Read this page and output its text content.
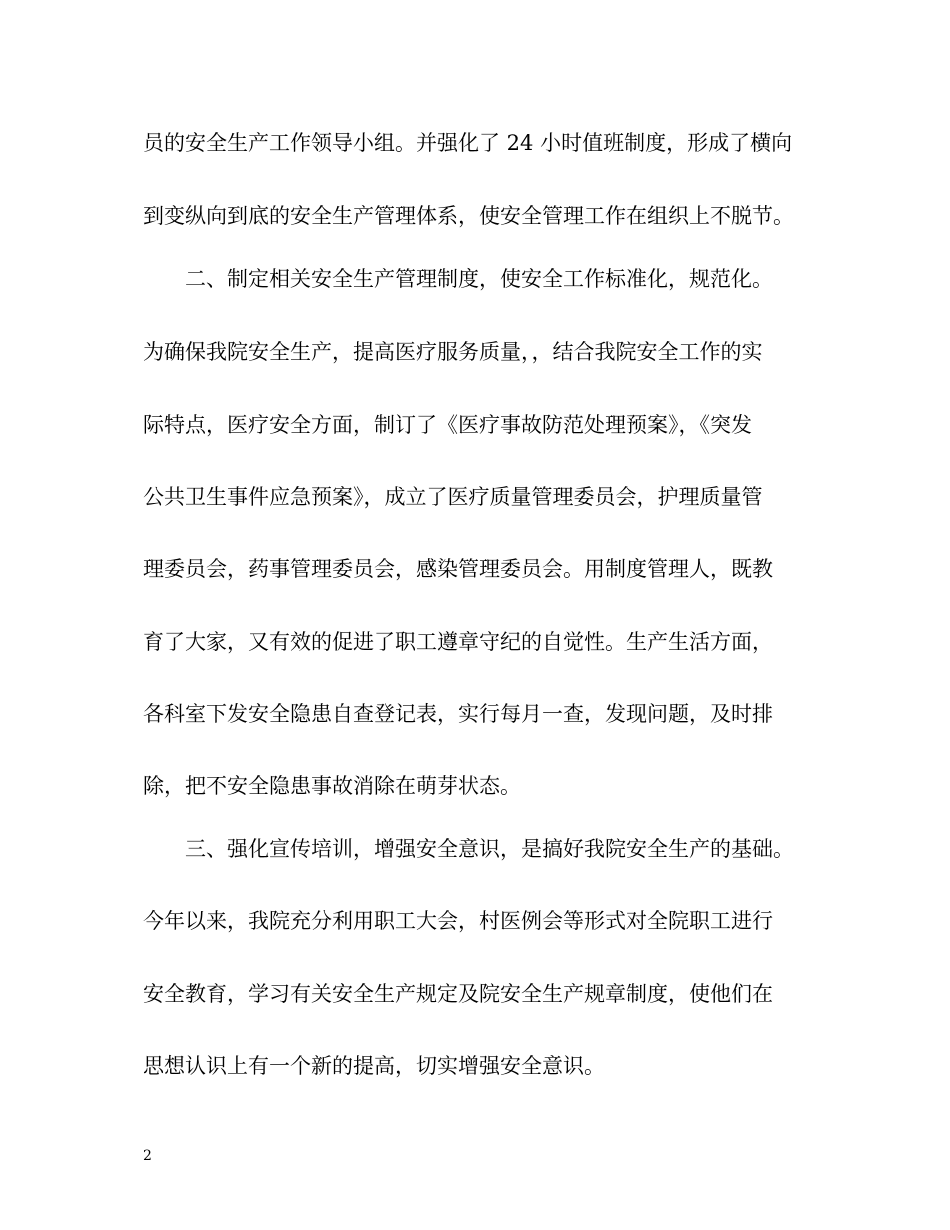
员的安全生产工作领导小组。并强化了 24 小时值班制度，形成了横向
到变纵向到底的安全生产管理体系，使安全管理工作在组织上不脱节。
二、制定相关安全生产管理制度，使安全工作标准化，规范化。
为确保我院安全生产，提高医疗服务质量，，结合我院安全工作的实
际特点，医疗安全方面，制订了《医疗事故防范处理预案》，《突发
公共卫生事件应急预案》，成立了医疗质量管理委员会，护理质量管
理委员会，药事管理委员会，感染管理委员会。用制度管理人，既教
育了大家，又有效的促进了职工遵章守纪的自觉性。生产生活方面，
各科室下发安全隐患自查登记表，实行每月一查，发现问题，及时排
除，把不安全隐患事故消除在萌芽状态。
三、强化宣传培训，增强安全意识，是搞好我院安全生产的基础。
今年以来，我院充分利用职工大会，村医例会等形式对全院职工进行
安全教育，学习有关安全生产规定及院安全生产规章制度，使他们在
思想认识上有一个新的提高，切实增强安全意识。
2
